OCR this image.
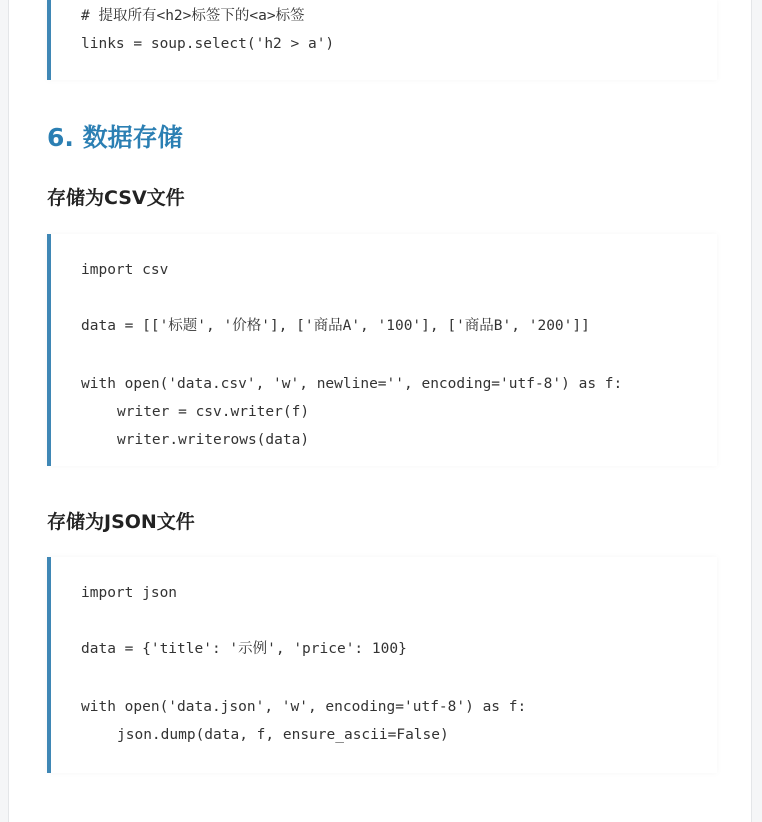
# 提取所有<h2>标签下的<a>标签
links = soup.select('h2 > a')
6. 数据存储
存储为CSV文件
import csv
data = [['标题', '价格'], ['商品A', '100'], ['商品B', '200']]
with open('data.csv', 'w', newline='', encoding='utf-8') as f:
writer = csv.writer(f)
writer.writerows(data)
存储为JSON文件
import json
data = {'title': '示例', 'price': 100}
with open('data.json', 'w', encoding='utf-8') as f:
json.dump(data, f, ensure_ascii=False)
